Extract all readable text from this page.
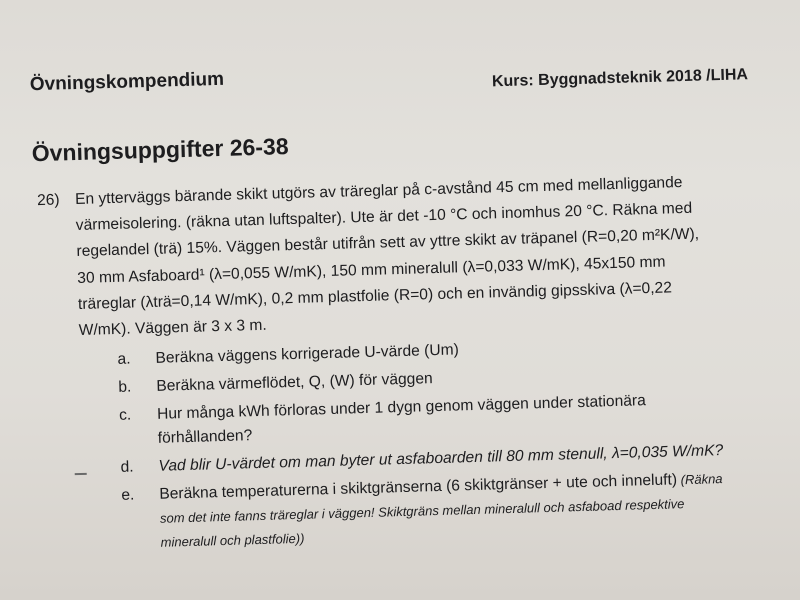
Övningskompendium	Kurs: Byggnadsteknik 2018 /LIHA
Övningsuppgifter 26-38
26) En ytterväggs bärande skikt utgörs av träreglar på c-avstånd 45 cm med mellanliggande
värmeisolering. (räkna utan luftspalter). Ute är det -10 °C och inomhus 20 °C. Räkna med
regelandel (trä) 15%. Väggen består utifrån sett av yttre skikt av träpanel (R=0,20 m²K/W),
30 mm Asfaboard¹ (λ=0,055 W/mK), 150 mm mineralull (λ=0,033 W/mK), 45x150 mm
träreglar (λträ=0,14 W/mK), 0,2 mm plastfolie (R=0) och en invändig gipsskiva (λ=0,22
W/mK). Väggen är 3 x 3 m.
a. Beräkna väggens korrigerade U-värde (Um)
b. Beräkna värmeflödet, Q, (W) för väggen
c. Hur många kWh förloras under 1 dygn genom väggen under stationära
förhållanden?
d. Vad blir U-värdet om man byter ut asfaboarden till 80 mm stenull, λ=0,035 W/mK?
e. Beräkna temperaturerna i skiktgränserna (6 skiktgränser + ute och inneluft) (Räkna
som det inte fanns träreglar i väggen! Skiktgräns mellan mineralull och asfaboad respektive
mineralull och plastfolie))
